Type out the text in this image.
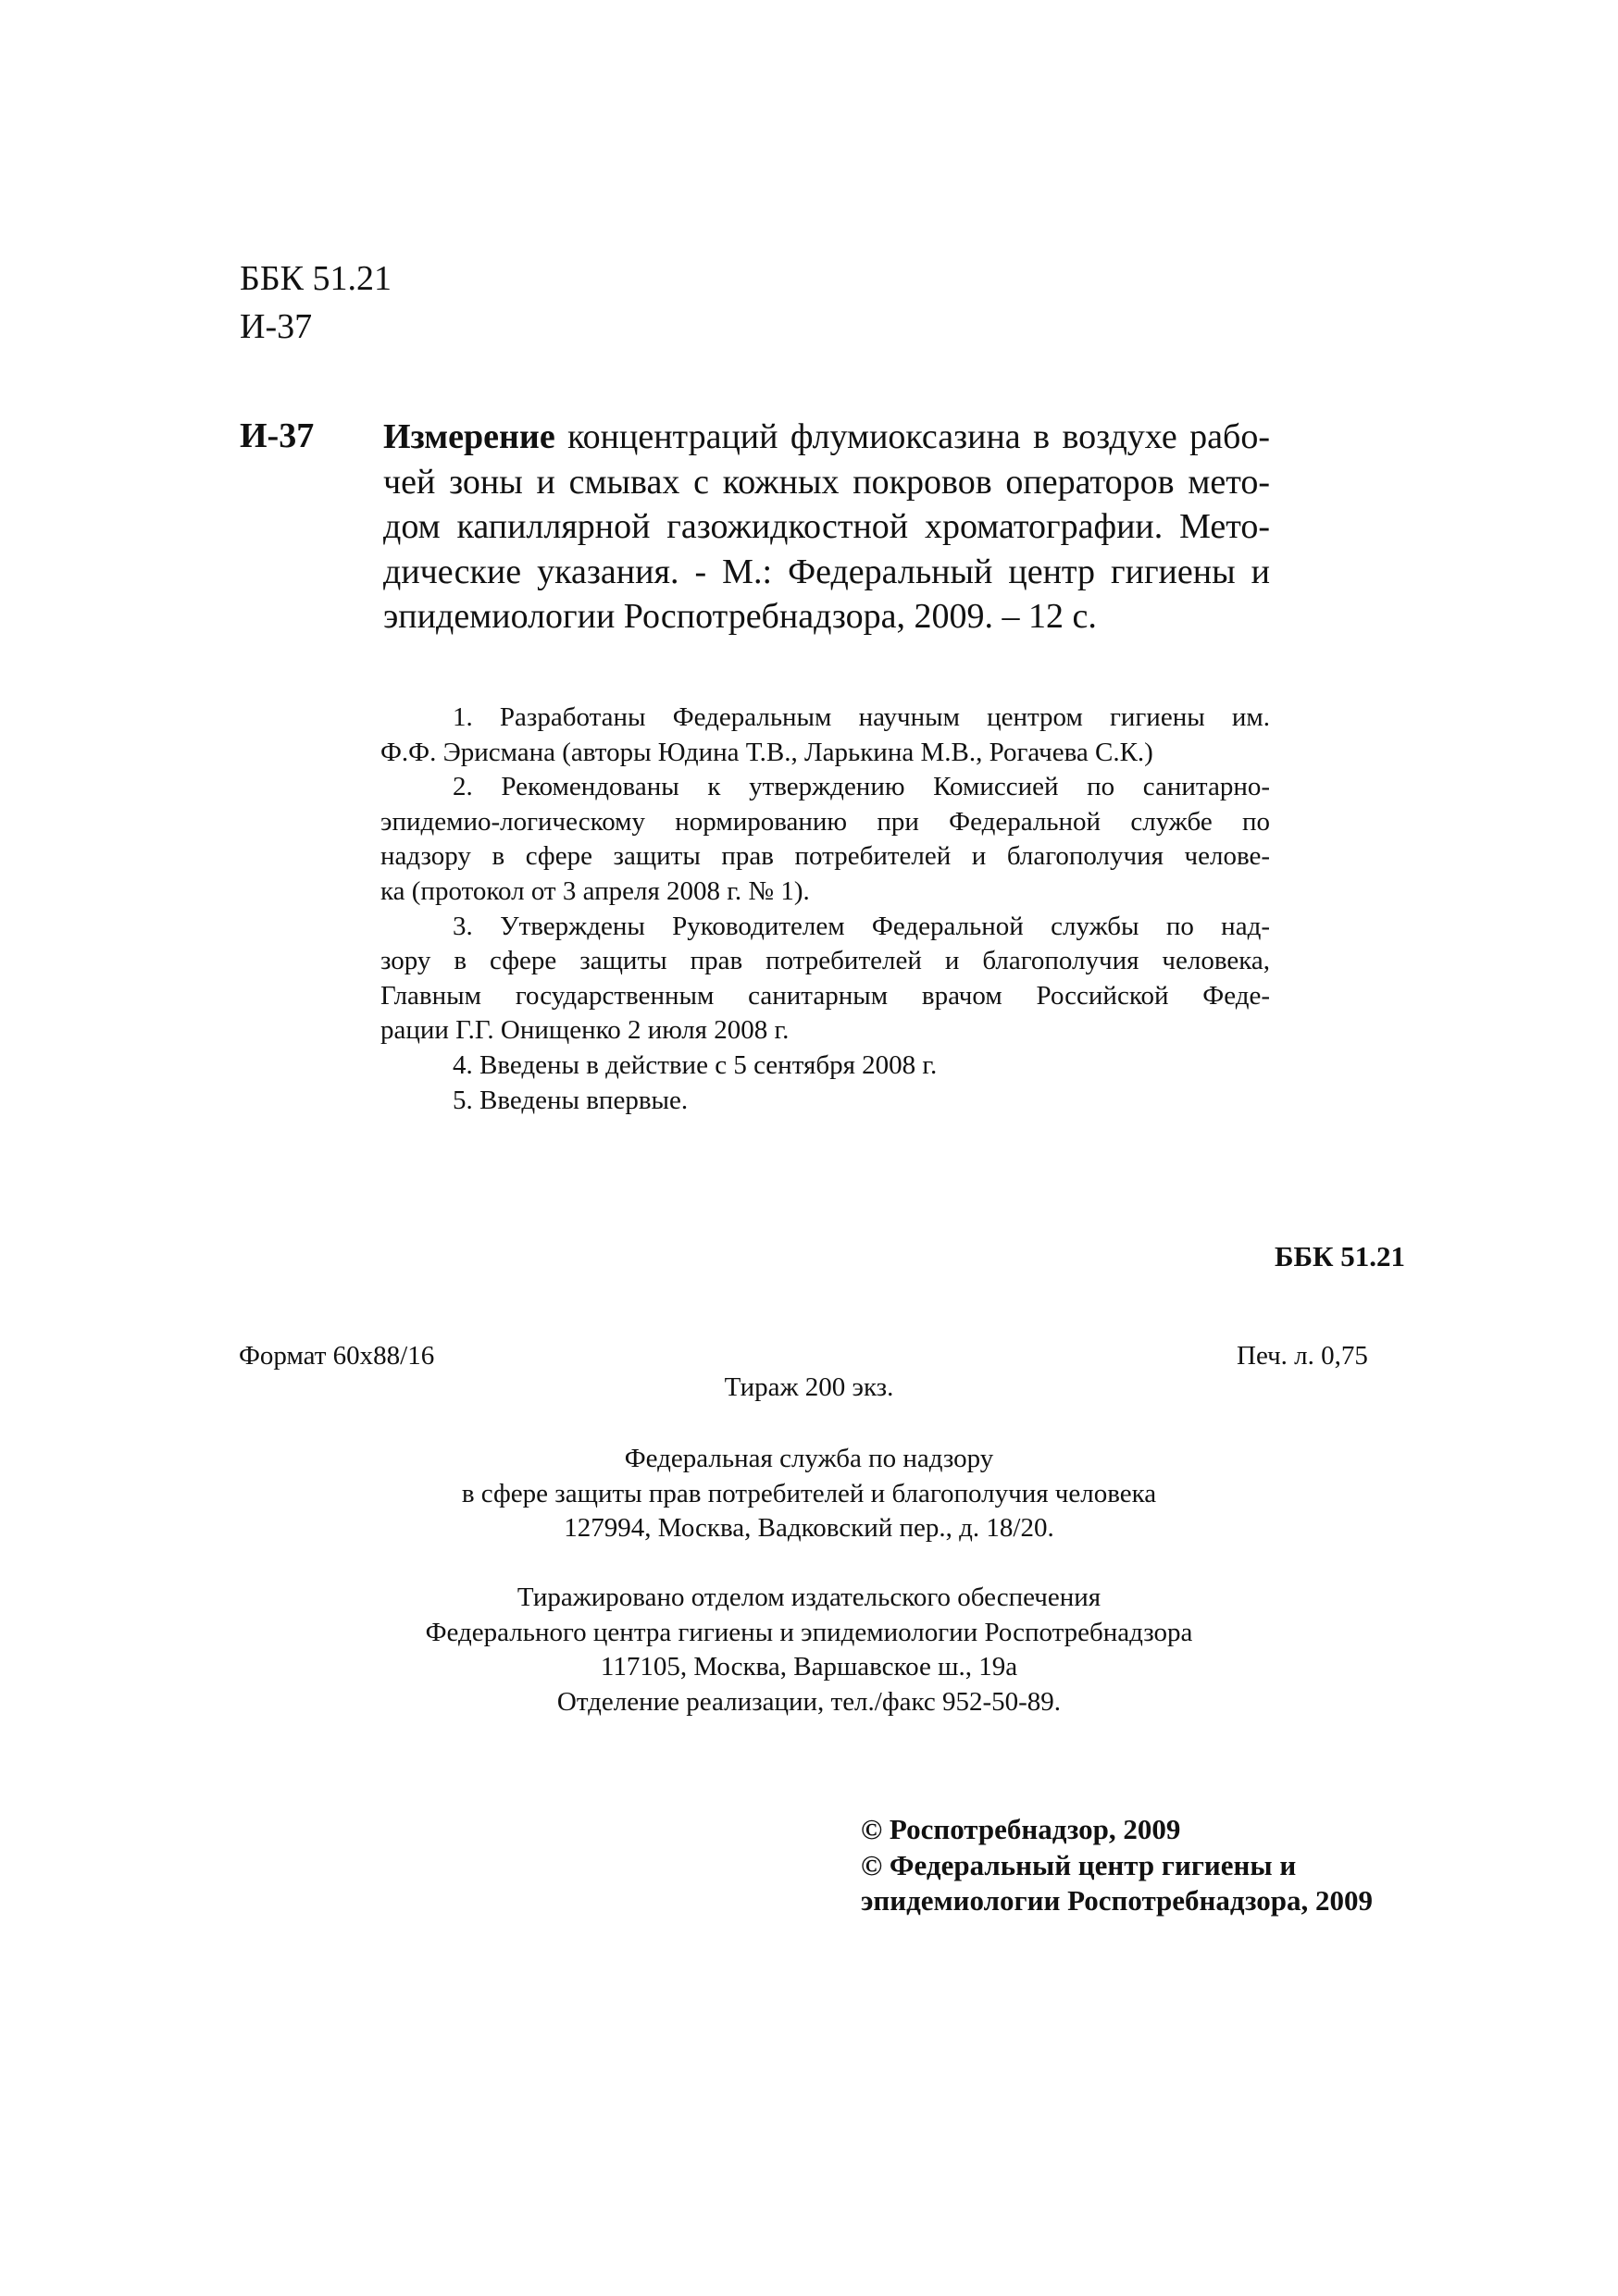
ББК 51.21
И-37
И-37 Измерение концентраций флумиоксазина в воздухе рабо-
чей зоны и смывах с кожных покровов операторов мето-
дом капиллярной газожидкостной хроматографии. Мето-
дические указания. - М.: Федеральный центр гигиены и
эпидемиологии Роспотребнадзора, 2009. – 12 с.
1. Разработаны Федеральным научным центром гигиены им.
Ф.Ф. Эрисмана (авторы Юдина Т.В., Ларькина М.В., Рогачева С.К.)
2. Рекомендованы к утверждению Комиссией по санитарно-
эпидемио-логическому нормированию при Федеральной службе по
надзору в сфере защиты прав потребителей и благополучия челове-
ка (протокол от 3 апреля 2008 г. № 1).
3. Утверждены Руководителем Федеральной службы по над-
зору в сфере защиты прав потребителей и благополучия человека,
Главным государственным санитарным врачом Российской Феде-
рации Г.Г. Онищенко 2 июля 2008 г.
4. Введены в действие с 5 сентября 2008 г.
5. Введены впервые.
ББК 51.21
Формат 60x88/16	Печ. л. 0,75
Тираж 200 экз.
Федеральная служба по надзору
в сфере защиты прав потребителей и благополучия человека
127994, Москва, Вадковский пер., д. 18/20.
Тиражировано отделом издательского обеспечения
Федерального центра гигиены и эпидемиологии Роспотребнадзора
117105, Москва, Варшавское ш., 19а
Отделение реализации, тел./факс 952-50-89.
© Роспотребнадзор, 2009
© Федеральный центр гигиены и
эпидемиологии Роспотребнадзора, 2009
